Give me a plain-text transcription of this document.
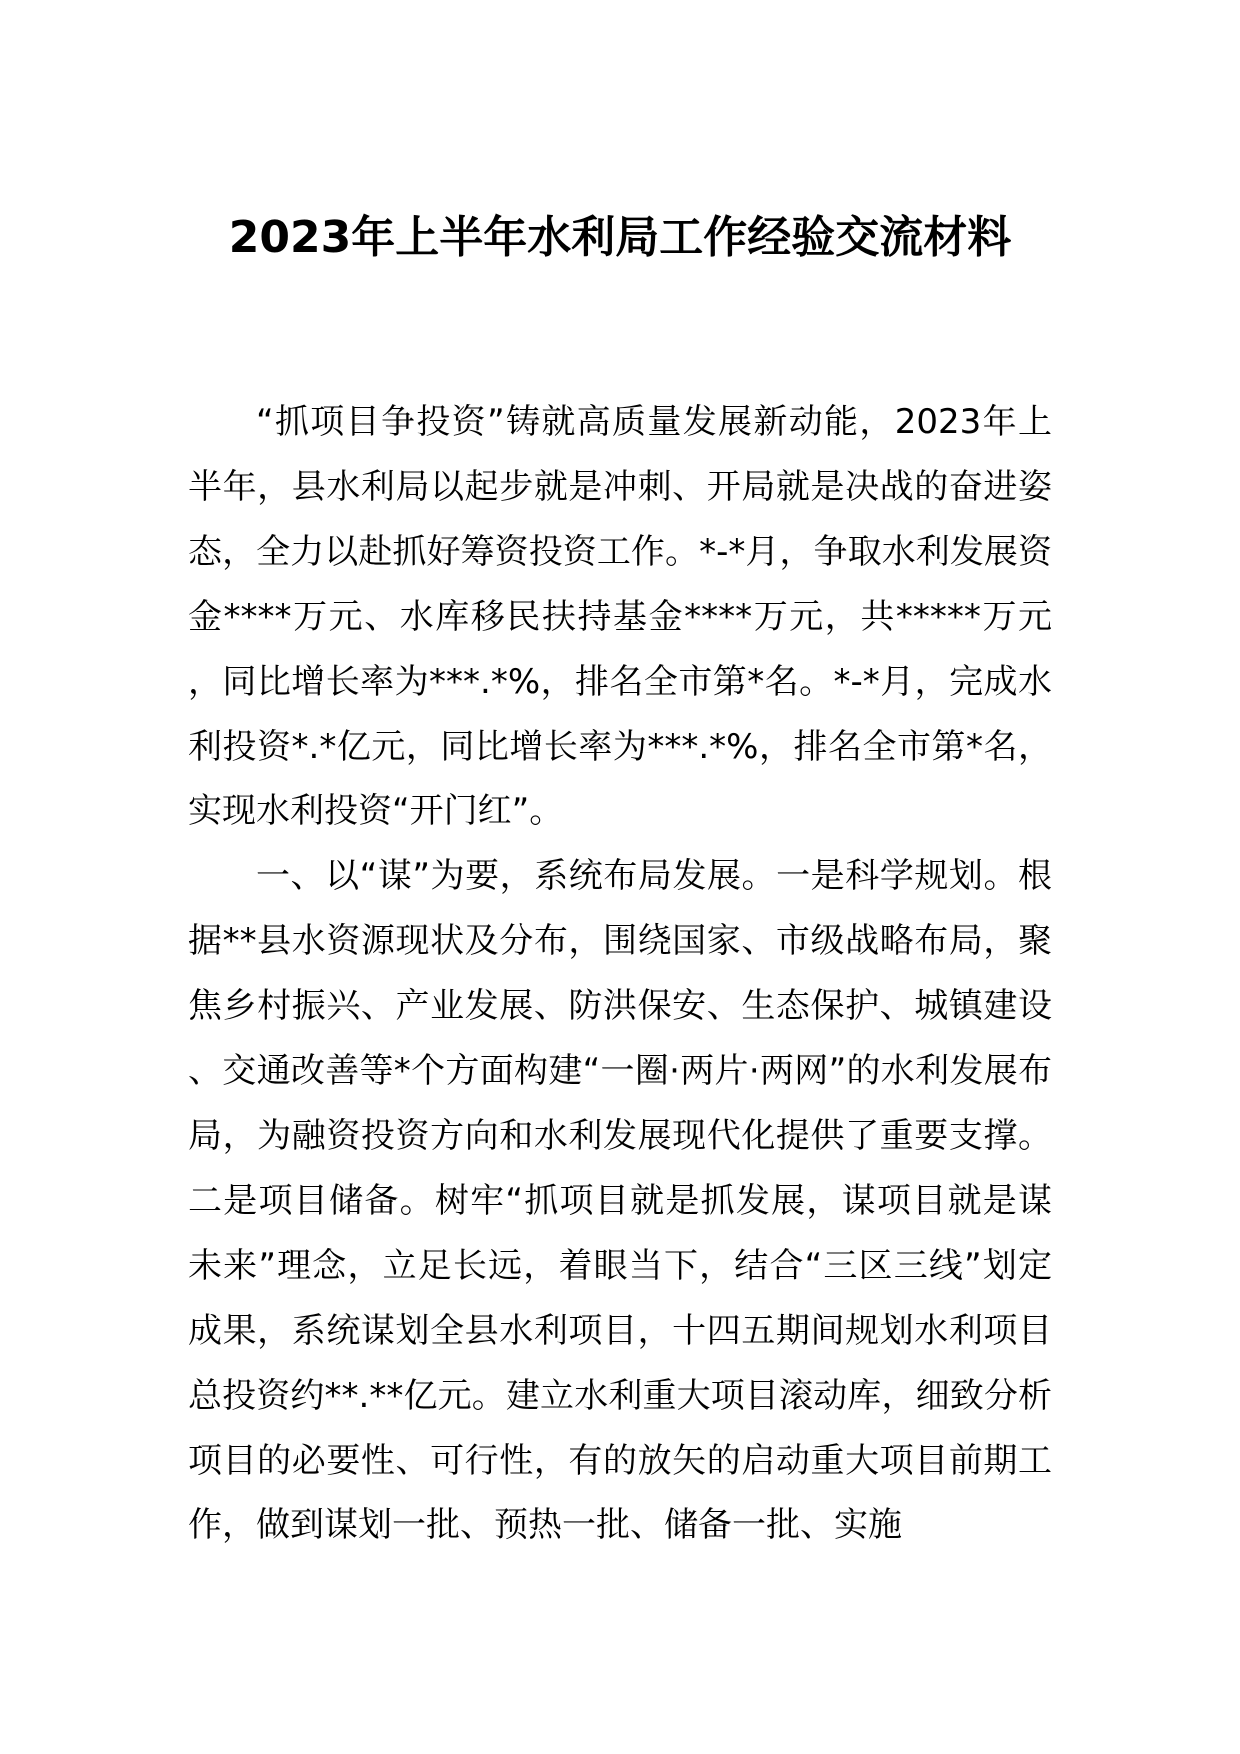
2023年上半年水利局工作经验交流材料

“抓项目争投资”铸就高质量发展新动能，2023年上半年，县水利局以起步就是冲刺、开局就是决战的奋进姿态，全力以赴抓好筹资投资工作。*-*月，争取水利发展资金****万元、水库移民扶持基金****万元，共*****万元，同比增长率为***.*%，排名全市第*名。*-*月，完成水利投资*.*亿元，同比增长率为***.*%，排名全市第*名，实现水利投资“开门红”。

一、以“谋”为要，系统布局发展。一是科学规划。根据**县水资源现状及分布，围绕国家、市级战略布局，聚焦乡村振兴、产业发展、防洪保安、生态保护、城镇建设、交通改善等*个方面构建“一圈·两片·两网”的水利发展布局，为融资投资方向和水利发展现代化提供了重要支撑。二是项目储备。树牢“抓项目就是抓发展，谋项目就是谋未来”理念，立足长远，着眼当下，结合“三区三线”划定成果，系统谋划全县水利项目，十四五期间规划水利项目总投资约**.**亿元。建立水利重大项目滚动库，细致分析项目的必要性、可行性，有的放矢的启动重大项目前期工作，做到谋划一批、预热一批、储备一批、实施
